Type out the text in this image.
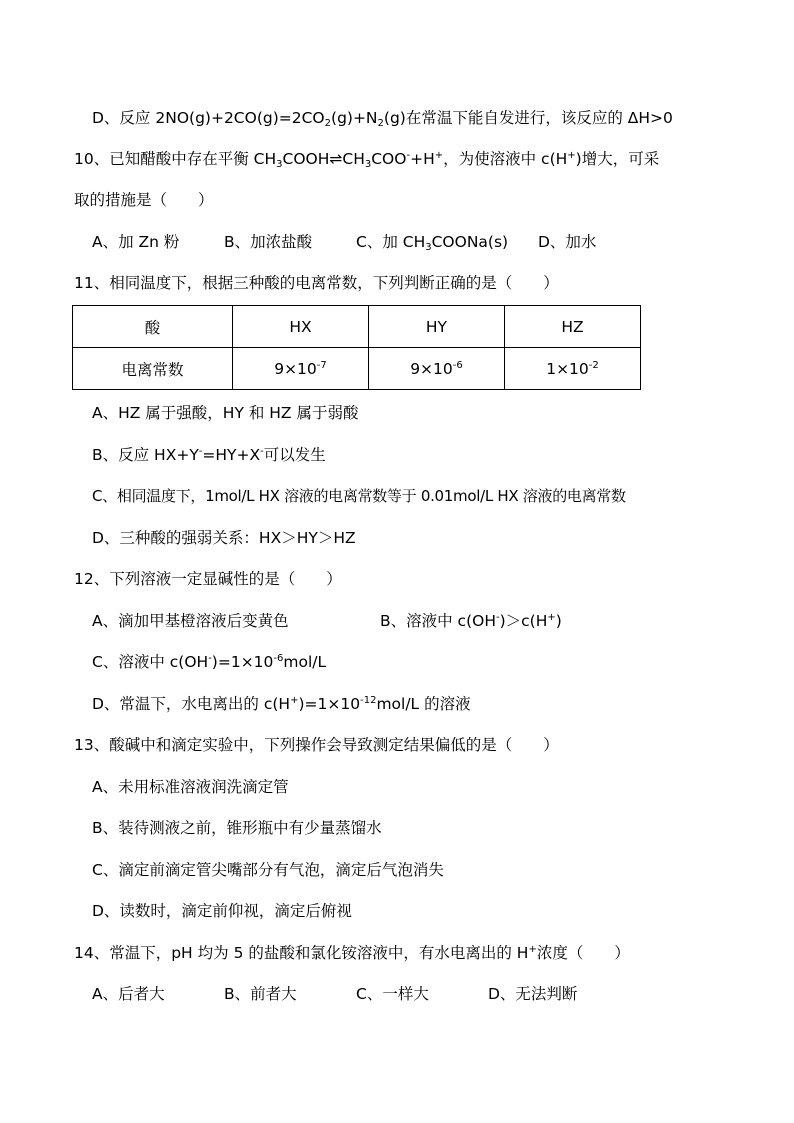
D、反应 $2NO(g)+2CO(g)=2CO_2(g)+N_2(g)$在常温下能自发进行，该反应的 ΔH>0
10、已知醋酸中存在平衡 $CH_3COOH\rightleftharpoons CH_3COO^-+H^+$，为使溶液中 c(H+)增大，可采
取的措施是（　　）
A、加 Zn 粉	B、加浓盐酸	C、加 $CH_3COONa(s)$ D、加水
11、相同温度下，根据三种酸的电离常数，下列判断正确的是（　　）
酸	HX	HY	HZ
电离常数	$9\times 10^{-7}$	$9\times 10^{-6}$	$1\times 10^{-2}$
A、HZ 属于强酸，HY 和 HZ 属于弱酸
B、反应 HX+Y-=HY+X-可以发生
C、相同温度下，1mol/L HX 溶液的电离常数等于 0.01mol/L HX 溶液的电离常数
D、三种酸的强弱关系：HX＞HY＞HZ
12、下列溶液一定显碱性的是（　　）
A、滴加甲基橙溶液后变黄色	B、溶液中 c(OH-)＞c(H+)
C、溶液中 $c(OH^-)=1\times 10^{-6}mol/L$
D、常温下，水电离出的 $c(H^+)=1\times 10^{-12}mol/L$ 的溶液
13、酸碱中和滴定实验中，下列操作会导致测定结果偏低的是（　　）
A、未用标准溶液润洗滴定管
B、装待测液之前，锥形瓶中有少量蒸馏水
C、滴定前滴定管尖嘴部分有气泡，滴定后气泡消失
D、读数时，滴定前仰视，滴定后俯视
14、常温下，pH 均为 5 的盐酸和氯化铵溶液中，有水电离出的 H+浓度（　　）
A、后者大	B、前者大	C、一样大	D、无法判断
